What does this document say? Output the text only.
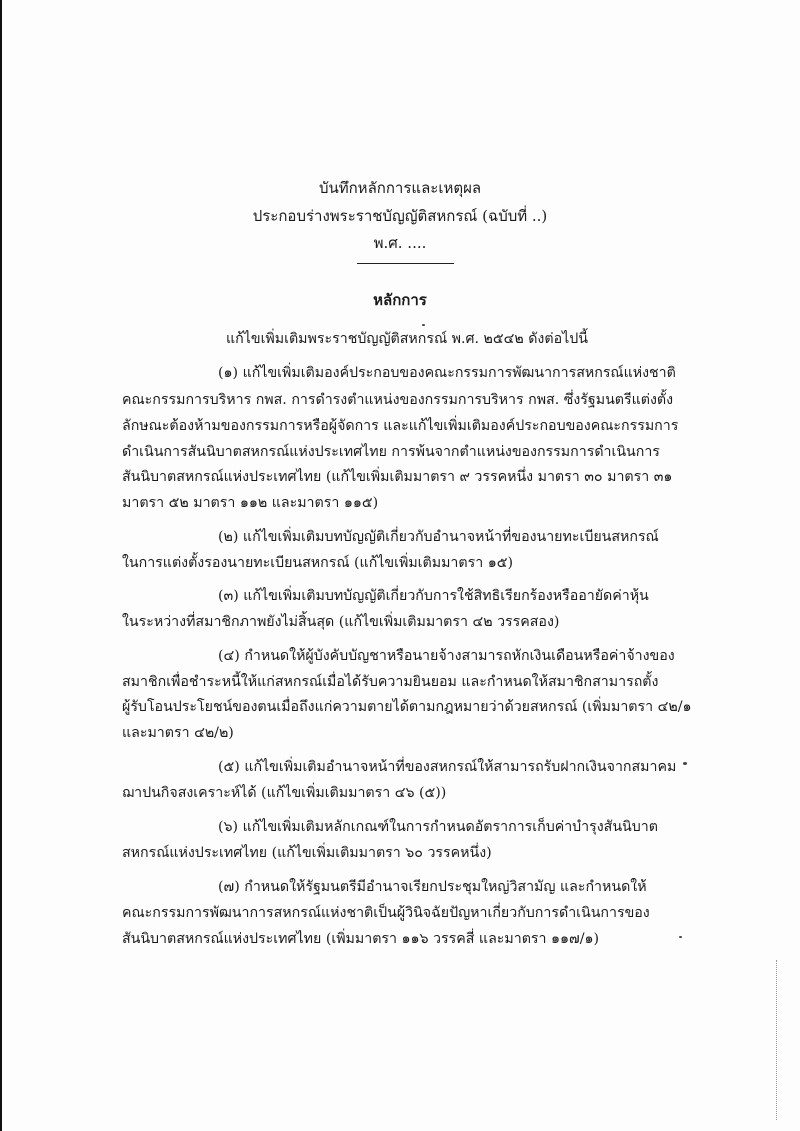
บันทึกหลักการและเหตุผล
ประกอบร่างพระราชบัญญัติสหกรณ์ (ฉบับที่ ..)
พ.ศ. ....
หลักการ
แก้ไขเพิ่มเติมพระราชบัญญัติสหกรณ์ พ.ศ. ๒๕๔๒ ดังต่อไปนี้
(๑) แก้ไขเพิ่มเติมองค์ประกอบของคณะกรรมการพัฒนาการสหกรณ์แห่งชาติ
คณะกรรมการบริหาร กพส. การดำรงตำแหน่งของกรรมการบริหาร กพส. ซึ่งรัฐมนตรีแต่งตั้ง
ลักษณะต้องห้ามของกรรมการหรือผู้จัดการ และแก้ไขเพิ่มเติมองค์ประกอบของคณะกรรมการ
ดำเนินการสันนิบาตสหกรณ์แห่งประเทศไทย การพ้นจากตำแหน่งของกรรมการดำเนินการ
สันนิบาตสหกรณ์แห่งประเทศไทย (แก้ไขเพิ่มเติมมาตรา ๙ วรรคหนึ่ง มาตรา ๓๐ มาตรา ๓๑
มาตรา ๕๒ มาตรา ๑๑๒ และมาตรา ๑๑๕)
(๒) แก้ไขเพิ่มเติมบทบัญญัติเกี่ยวกับอำนาจหน้าที่ของนายทะเบียนสหกรณ์
ในการแต่งตั้งรองนายทะเบียนสหกรณ์ (แก้ไขเพิ่มเติมมาตรา ๑๕)
(๓) แก้ไขเพิ่มเติมบทบัญญัติเกี่ยวกับการใช้สิทธิเรียกร้องหรืออายัดค่าหุ้น
ในระหว่างที่สมาชิกภาพยังไม่สิ้นสุด (แก้ไขเพิ่มเติมมาตรา ๔๒ วรรคสอง)
(๔) กำหนดให้ผู้บังคับบัญชาหรือนายจ้างสามารถหักเงินเดือนหรือค่าจ้างของ
สมาชิกเพื่อชำระหนี้ให้แก่สหกรณ์เมื่อได้รับความยินยอม และกำหนดให้สมาชิกสามารถตั้ง
ผู้รับโอนประโยชน์ของตนเมื่อถึงแก่ความตายได้ตามกฎหมายว่าด้วยสหกรณ์ (เพิ่มมาตรา ๔๒/๑
และมาตรา ๔๒/๒)
(๕) แก้ไขเพิ่มเติมอำนาจหน้าที่ของสหกรณ์ให้สามารถรับฝากเงินจากสมาคม
ฌาปนกิจสงเคราะห์ได้ (แก้ไขเพิ่มเติมมาตรา ๔๖ (๕))
(๖) แก้ไขเพิ่มเติมหลักเกณฑ์ในการกำหนดอัตราการเก็บค่าบำรุงสันนิบาต
สหกรณ์แห่งประเทศไทย (แก้ไขเพิ่มเติมมาตรา ๖๐ วรรคหนึ่ง)
(๗) กำหนดให้รัฐมนตรีมีอำนาจเรียกประชุมใหญ่วิสามัญ และกำหนดให้
คณะกรรมการพัฒนาการสหกรณ์แห่งชาติเป็นผู้วินิจฉัยปัญหาเกี่ยวกับการดำเนินการของ
สันนิบาตสหกรณ์แห่งประเทศไทย (เพิ่มมาตรา ๑๑๖ วรรคสี่ และมาตรา ๑๑๗/๑)
